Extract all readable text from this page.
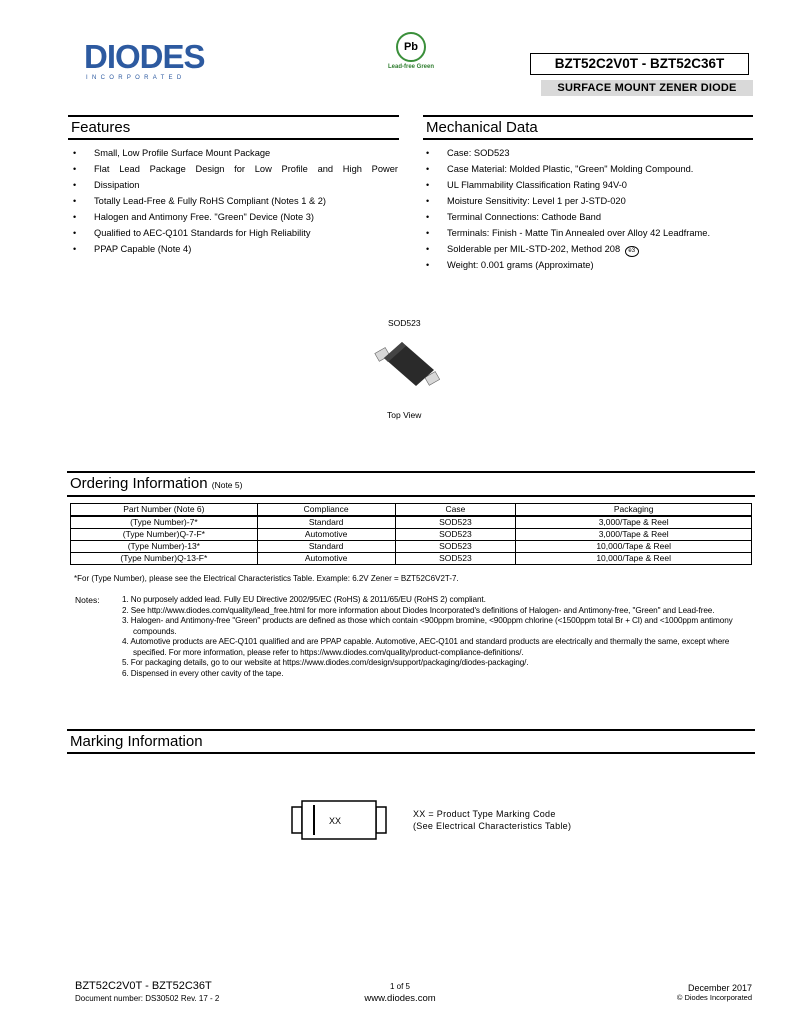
DIODES
INCORPORATED
Pb
Lead-free Green	BZT52C2V0T - BZT52C36T
SURFACE MOUNT ZENER DIODE
Features
• Small, Low Profile Surface Mount Package
• Flat Lead Package Design for Low Profile and High Power
• Dissipation
• Totally Lead-Free & Fully RoHS Compliant (Notes 1 & 2)
• Halogen and Antimony Free. "Green" Device (Note 3)
• Qualified to AEC-Q101 Standards for High Reliability
• PPAP Capable (Note 4)
Mechanical Data
• Case: SOD523
• Case Material: Molded Plastic, "Green" Molding Compound.
• UL Flammability Classification Rating 94V-0
• Moisture Sensitivity: Level 1 per J-STD-020
• Terminal Connections: Cathode Band
• Terminals: Finish - Matte Tin Annealed over Alloy 42 Leadframe.
• Solderable per MIL-STD-202, Method 208 e3
• Weight: 0.001 grams (Approximate)
SOD523
Top View
Ordering Information (Note 5)
Part Number (Note 6)	Compliance	Case	Packaging
(Type Number)-7*	Standard	SOD523	3,000/Tape & Reel
(Type Number)Q-7-F*	Automotive	SOD523	3,000/Tape & Reel
(Type Number)-13*	Standard	SOD523	10,000/Tape & Reel
(Type Number)Q-13-F*	Automotive	SOD523	10,000/Tape & Reel
*For (Type Number), please see the Electrical Characteristics Table. Example: 6.2V Zener = BZT52C6V2T-7.
Notes:	1. No purposely added lead. Fully EU Directive 2002/95/EC (RoHS) & 2011/65/EU (RoHS 2) compliant.
2. See http://www.diodes.com/quality/lead_free.html for more information about Diodes Incorporated's definitions of Halogen- and Antimony-free, "Green" and Lead-free.
3. Halogen- and Antimony-free "Green" products are defined as those which contain <900ppm bromine, <900ppm chlorine (<1500ppm total Br + Cl) and <1000ppm antimony compounds.
4. Automotive products are AEC-Q101 qualified and are PPAP capable. Automotive, AEC-Q101 and standard products are electrically and thermally the same, except where specified. For more information, please refer to https://www.diodes.com/quality/product-compliance-definitions/.
5. For packaging details, go to our website at https://www.diodes.com/design/support/packaging/diodes-packaging/.
6. Dispensed in every other cavity of the tape.
Marking Information
XX
XX = Product Type Marking Code
(See Electrical Characteristics Table)
BZT52C2V0T - BZT52C36T
Document number: DS30502 Rev. 17 - 2
1 of 5
www.diodes.com
December 2017
© Diodes Incorporated
